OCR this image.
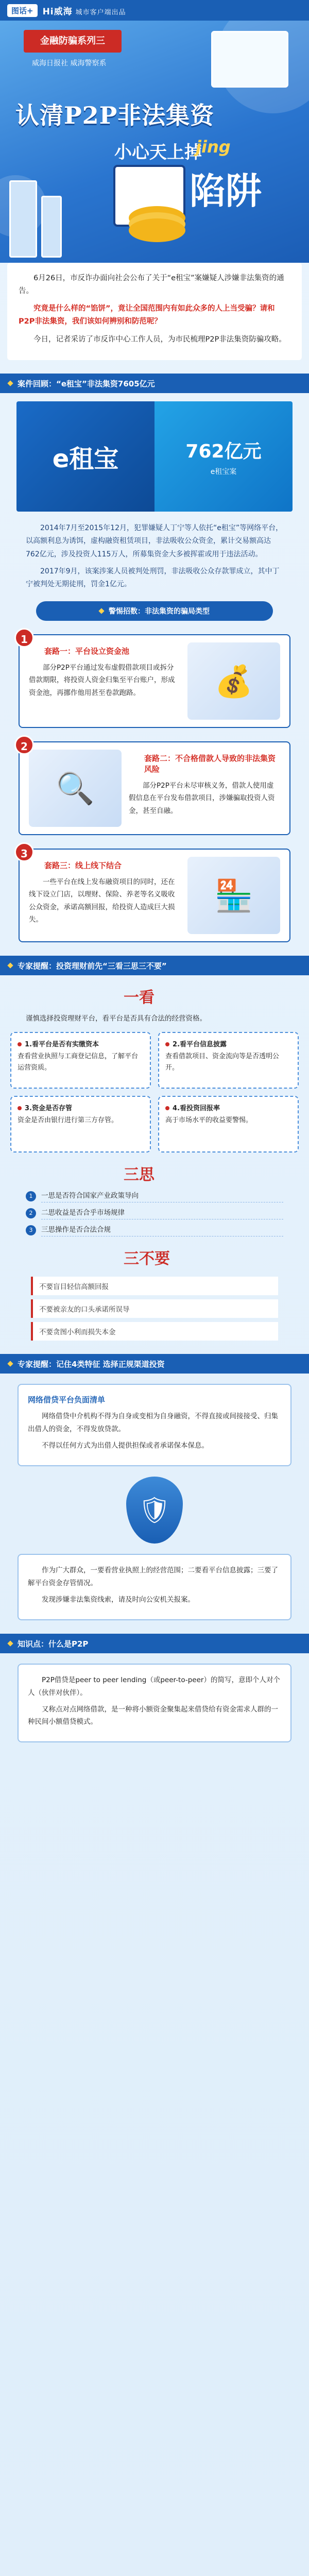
图话+	Hi威海 城市客户端出品
金融防骗系列三
威海日报社 威海警察系
认清P2P非法集资
小心天上掉
jing
陷阱

6月26日，市反诈办面向社会公布了关于“e租宝”案嫌疑人涉嫌非法集资的通告。

究竟是什么样的“馅饼”，竟让全国范围内有如此众多的人上当受骗？请和P2P非法集资，我们该如何辨别和防范呢？

今日，记者采访了市反诈中心工作人员，为市民梳理P2P非法集资防骗攻略。

案件回顾：“e租宝”非法集资7605亿元
e租宝	762亿元
e租宝案

2014年7月至2015年12月，犯罪嫌疑人丁宁等人依托“e租宝”等网络平台，以高额利息为诱饵，虚构融资租赁项目，非法吸收公众资金，累计交易额高达762亿元，涉及投资人115万人，所募集资金大多被挥霍或用于违法活动。

2017年9月，该案涉案人员被判处刑罚，非法吸收公众存款罪成立，其中丁宁被判处无期徒刑，罚金1亿元。

警惕招数：非法集资的骗局类型
1
套路一：平台设立资金池

部分P2P平台通过发布虚假借款项目或拆分借款期限，将投资人资金归集至平台账户，形成资金池，再挪作他用甚至卷款跑路。	💰
2
🔍
套路二：不合格借款人导致的非法集资风险

部分P2P平台未尽审核义务，借款人使用虚假信息在平台发布借款项目，涉嫌骗取投资人资金，甚至自融。

3
套路三：线上线下结合

一些平台在线上发布融资项目的同时，还在线下设立门店，以理财、保险、养老等名义吸收公众资金，承诺高额回报，给投资人造成巨大损失。

🏪
专家提醒：投资理财前先“三看三思三不要”
一看

谨慎选择投资理财平台，看平台是否具有合法的经营资格。

1.看平台是否有实缴资本
查看营业执照与工商登记信息，了解平台运营资质。
2.看平台信息披露
查看借款项目、资金流向等是否透明公开。
3.资金是否存管
资金是否由银行进行第三方存管。
4.看投资回报率
高于市场水平的收益要警惕。
三思
1	一思是否符合国家产业政策导向
2	二思收益是否合乎市场规律
3	三思操作是否合法合规
三不要
不要盲目轻信高额回报
不要被亲友的口头承诺所误导
不要贪图小利而损失本金
专家提醒：记住4类特征 选择正规渠道投资
网络借贷平台负面清单

网络借贷中介机构不得为自身或变相为自身融资，不得直接或间接接受、归集出借人的资金，不得发放贷款。

不得以任何方式为出借人提供担保或者承诺保本保息。

🛡

作为广大群众，一要看营业执照上的经营范围；二要看平台信息披露；三要了解平台资金存管情况。

发现涉嫌非法集资线索，请及时向公安机关报案。

知识点：什么是P2P

P2P借贷是peer to peer lending（或peer-to-peer）的简写，意即个人对个人（伙伴对伙伴）。

又称点对点网络借款，是一种将小额资金聚集起来借贷给有资金需求人群的一种民间小额借贷模式。
